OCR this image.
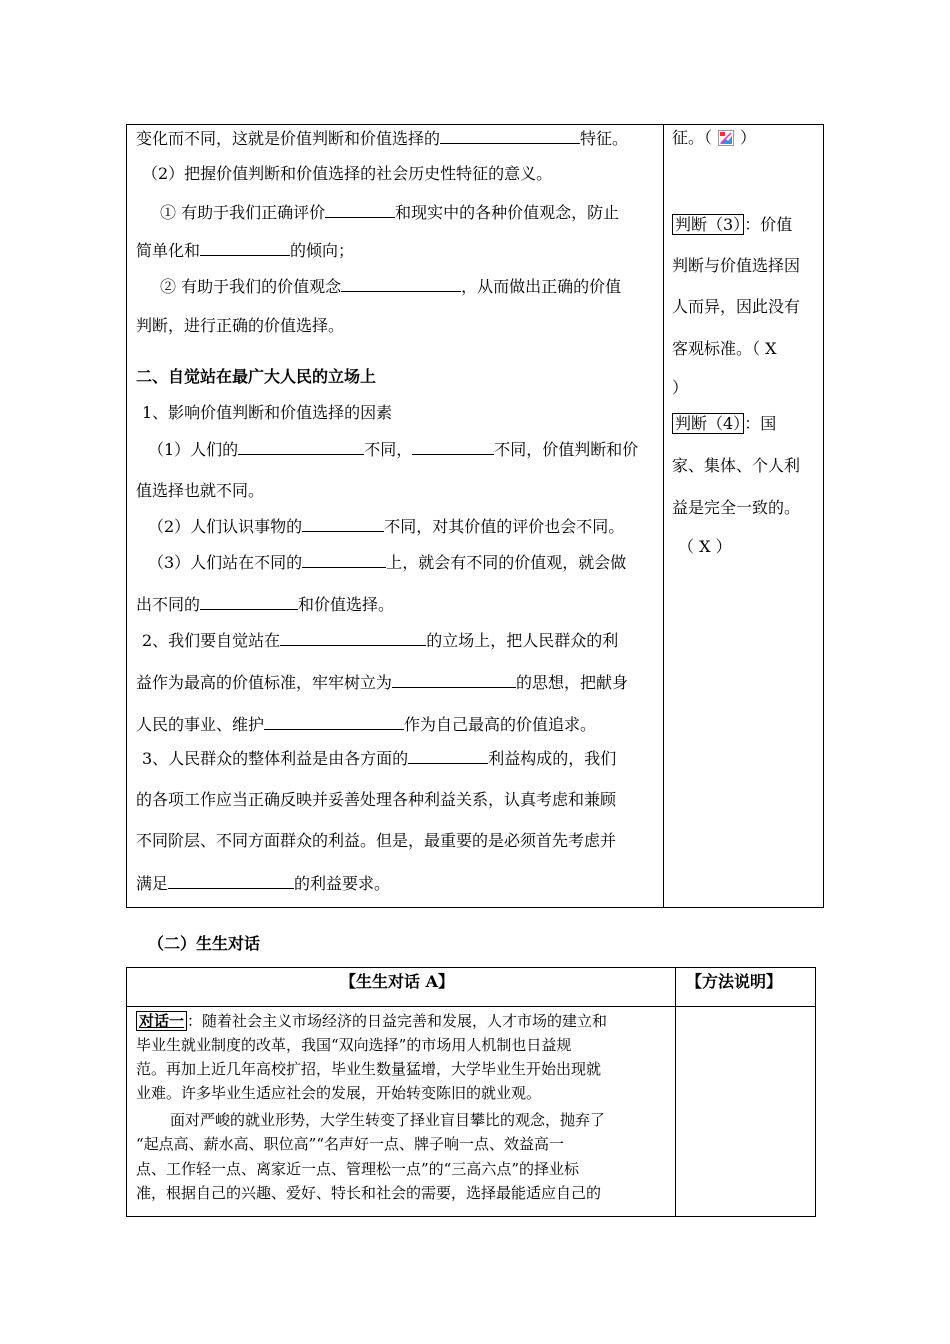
变化而不同，这就是价值判断和价值选择的	特征。
（2）把握价值判断和价值选择的社会历史性特征的意义。
① 有助于我们正确评价	和现实中的各种价值观念，防止
简单化和	的倾向；
② 有助于我们的价值观念	，从而做出正确的价值
判断，进行正确的价值选择。
二、自觉站在最广大人民的立场上
1、影响价值判断和价值选择的因素
（1）人们的	不同，	不同，价值判断和价
值选择也就不同。
（2）人们认识事物的	不同，对其价值的评价也会不同。
（3）人们站在不同的	上，就会有不同的价值观，就会做
出不同的	和价值选择。
2、我们要自觉站在	的立场上，把人民群众的利
益作为最高的价值标准，牢牢树立为	的思想，把献身
人民的事业、维护	作为自己最高的价值追求。
3、人民群众的整体利益是由各方面的	利益构成的，我们
的各项工作应当正确反映并妥善处理各种利益关系，认真考虑和兼顾
不同阶层、不同方面群众的利益。但是，最重要的是必须首先考虑并
满足	的利益要求。
征。（ ）
判断（3） ：价值
判断与价值选择因
人而异，因此没有
客观标准。（ X
）
判断（4） ：国
家、集体、个人利
益是完全一致的。
（ X ）
（二）生生对话
【生生对话 A】	【方法说明】
对话一 ：随着社会主义市场经济的日益完善和发展，人才市场的建立和
毕业生就业制度的改革，我国“双向选择”的市场用人机制也日益规
范。再加上近几年高校扩招，毕业生数量猛增，大学毕业生开始出现就
业难。许多毕业生适应社会的发展，开始转变陈旧的就业观。
面对严峻的就业形势，大学生转变了择业盲目攀比的观念，抛弃了
“起点高、薪水高、职位高”“名声好一点、牌子响一点、效益高一
点、工作轻一点、离家近一点、管理松一点”的“三高六点”的择业标
准，根据自己的兴趣、爱好、特长和社会的需要，选择最能适应自己的
